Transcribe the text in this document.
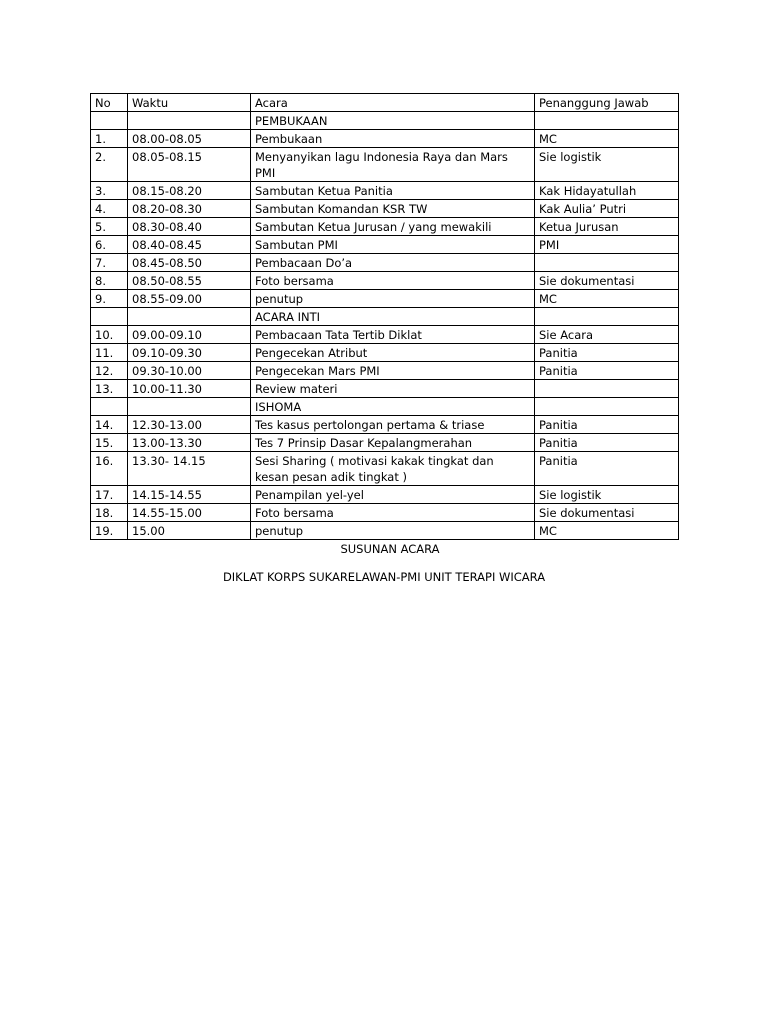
No	Waktu	Acara	Penanggung Jawab
		PEMBUKAAN	
1.	08.00-08.05	Pembukaan	MC
2.	08.05-08.15	Menyanyikan lagu Indonesia Raya dan Mars PMI	Sie logistik
3.	08.15-08.20	Sambutan Ketua Panitia	Kak Hidayatullah
4.	08.20-08.30	Sambutan Komandan KSR TW	Kak Aulia’ Putri
5.	08.30-08.40	Sambutan Ketua Jurusan / yang mewakili	Ketua Jurusan
6.	08.40-08.45	Sambutan PMI	PMI
7.	08.45-08.50	Pembacaan Do’a	
8.	08.50-08.55	Foto bersama	Sie dokumentasi
9.	08.55-09.00	penutup	MC
		ACARA INTI	
10.	09.00-09.10	Pembacaan Tata Tertib Diklat	Sie Acara
11.	09.10-09.30	Pengecekan Atribut	Panitia
12.	09.30-10.00	Pengecekan Mars PMI	Panitia
13.	10.00-11.30	Review materi	
		ISHOMA	
14.	12.30-13.00	Tes kasus pertolongan pertama & triase	Panitia
15.	13.00-13.30	Tes 7 Prinsip Dasar Kepalangmerahan	Panitia
16.	13.30- 14.15	Sesi Sharing ( motivasi kakak tingkat dan kesan pesan adik tingkat )	Panitia
17.	14.15-14.55	Penampilan yel-yel	Sie logistik
18.	14.55-15.00	Foto bersama	Sie dokumentasi
19.	15.00	penutup	MC
SUSUNAN ACARA
DIKLAT KORPS SUKARELAWAN-PMI UNIT TERAPI WICARA
